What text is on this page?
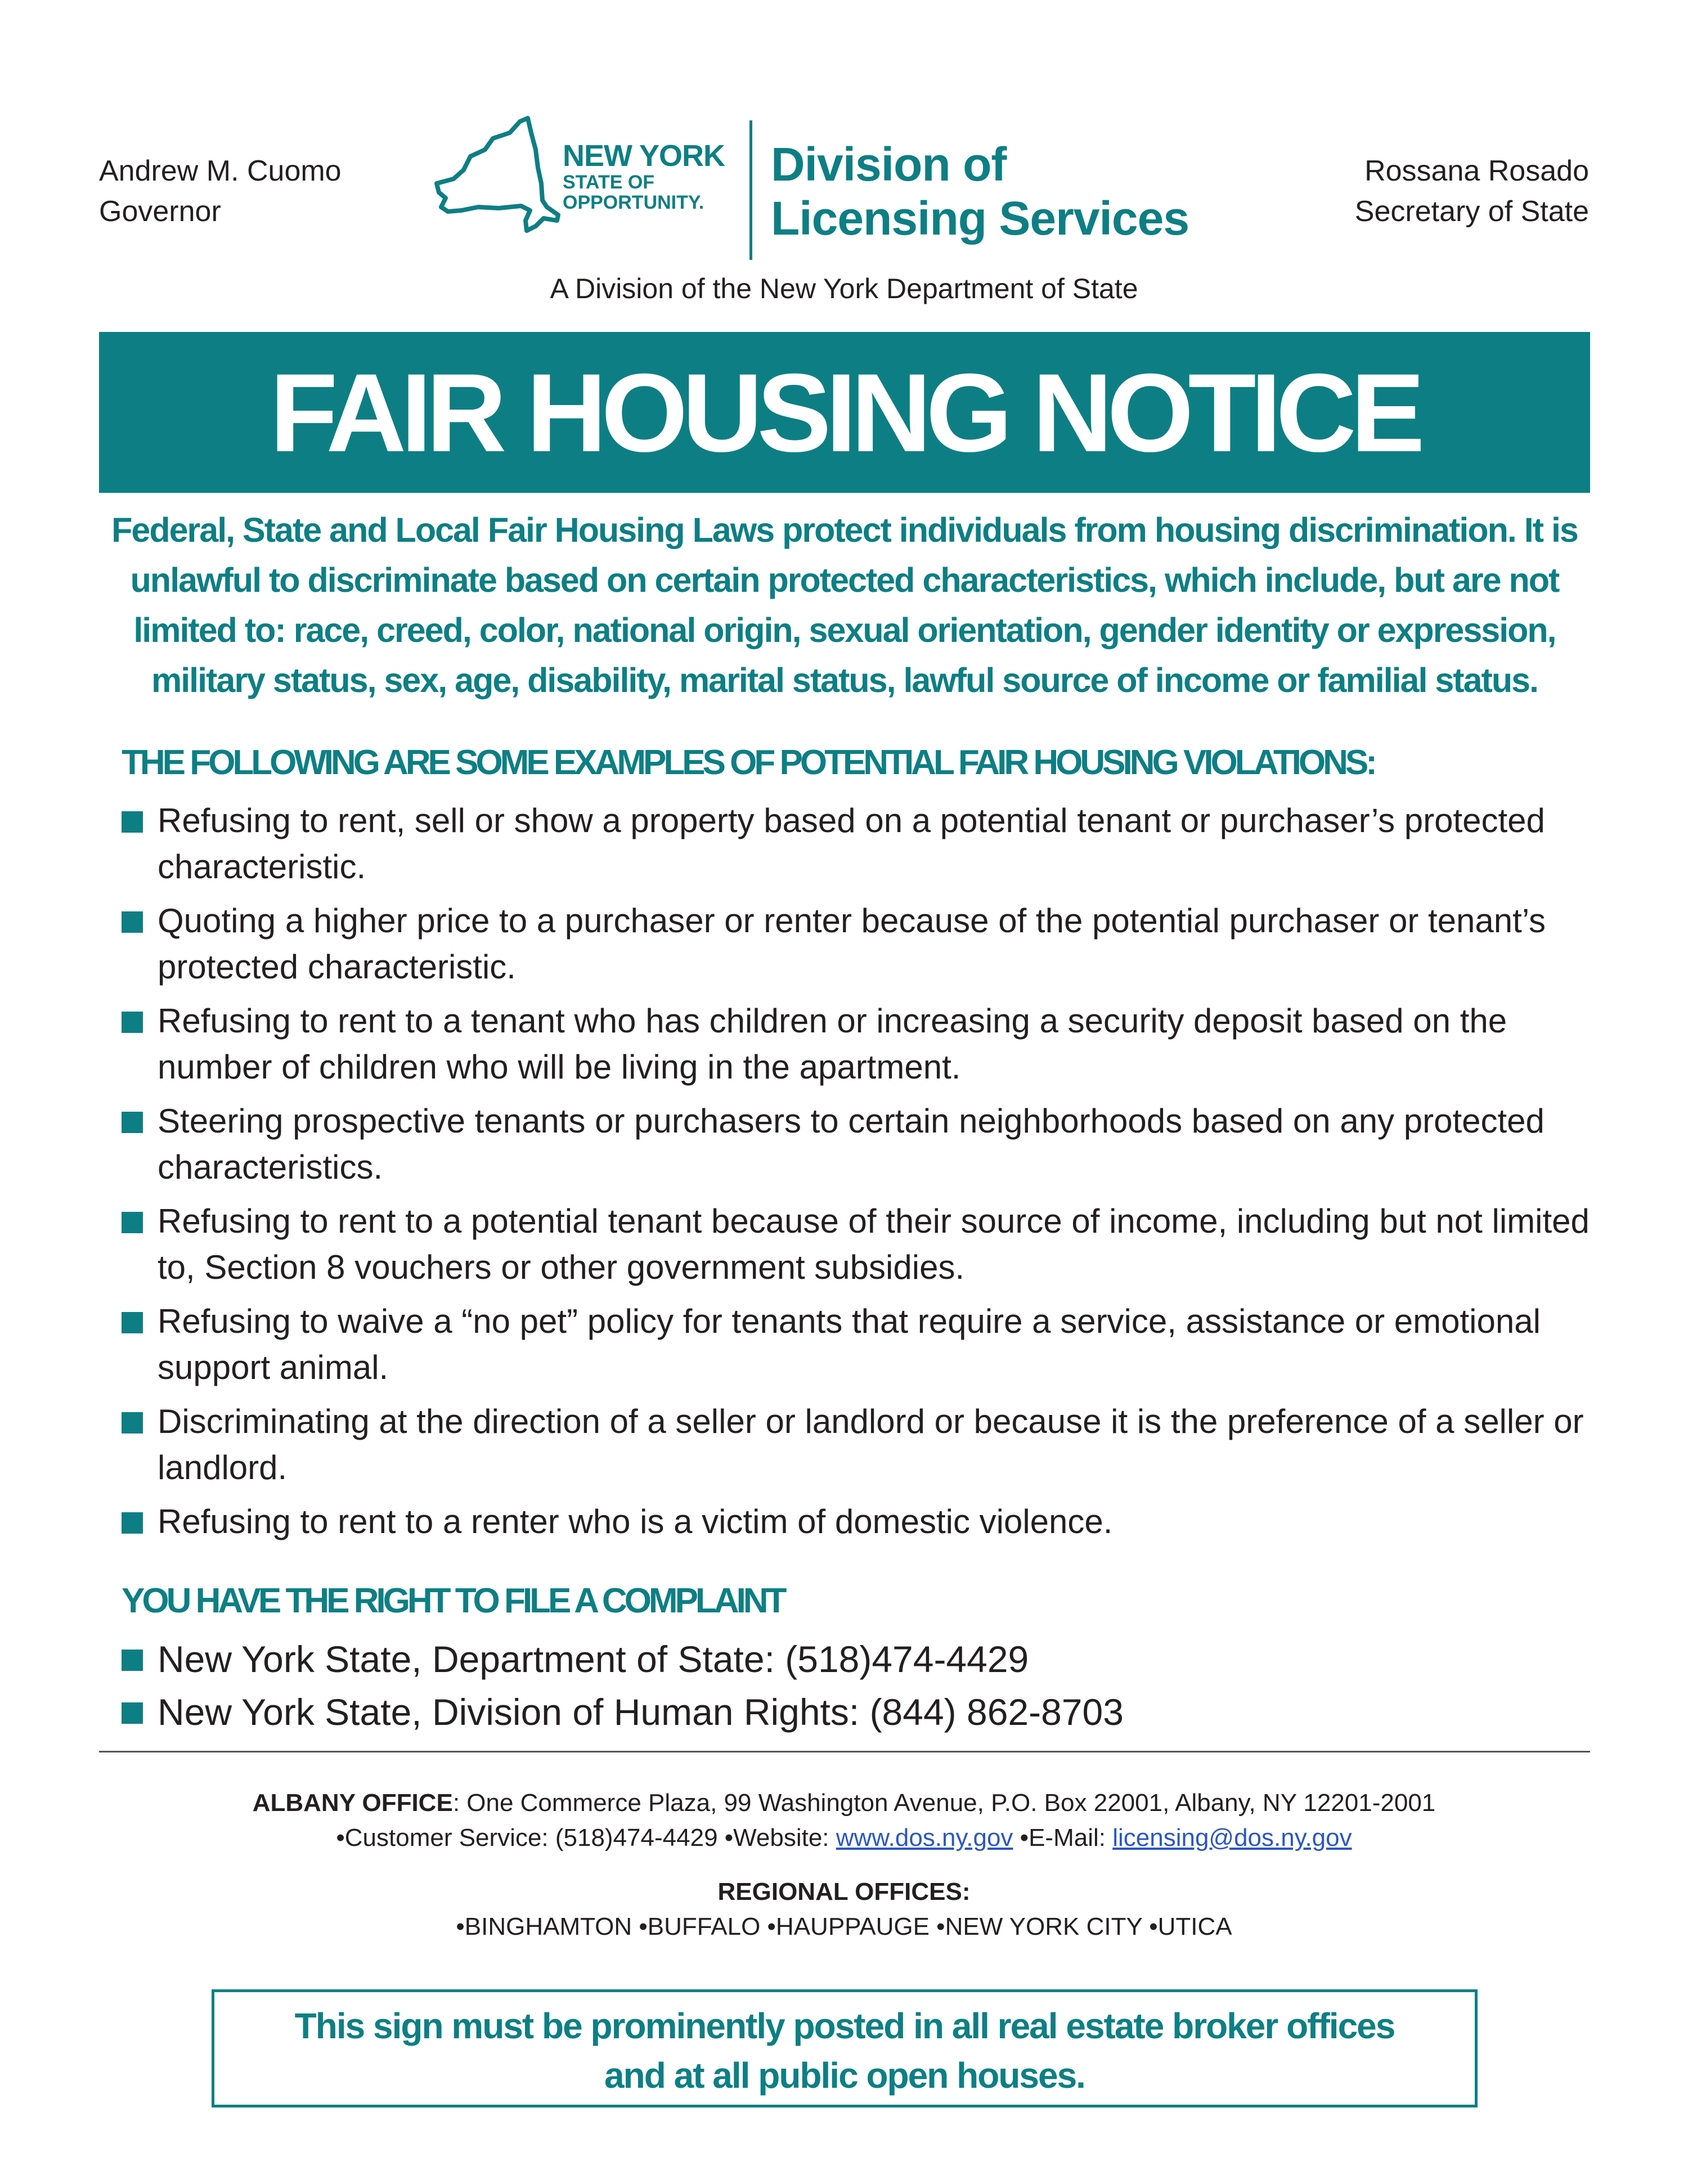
Andrew M. Cuomo
Governor
NEW YORK
STATE OF
OPPORTUNITY.
Division of
Licensing Services
Rossana Rosado
Secretary of State
A Division of the New York Department of State
FAIR HOUSING NOTICE
Federal, State and Local Fair Housing Laws protect individuals from housing discrimination. It is unlawful to discriminate based on certain protected characteristics, which include, but are not limited to: race, creed, color, national origin, sexual orientation, gender identity or expression, military status, sex, age, disability, marital status, lawful source of income or familial status.
THE FOLLOWING ARE SOME EXAMPLES OF POTENTIAL FAIR HOUSING VIOLATIONS:
Refusing to rent, sell or show a property based on a potential tenant or purchaser’s protected characteristic.
Quoting a higher price to a purchaser or renter because of the potential purchaser or tenant’s protected characteristic.
Refusing to rent to a tenant who has children or increasing a security deposit based on the number of children who will be living in the apartment.
Steering prospective tenants or purchasers to certain neighborhoods based on any protected characteristics.
Refusing to rent to a potential tenant because of their source of income, including but not limited to, Section 8 vouchers or other government subsidies.
Refusing to waive a “no pet” policy for tenants that require a service, assistance or emotional support animal.
Discriminating at the direction of a seller or landlord or because it is the preference of a seller or landlord.
Refusing to rent to a renter who is a victim of domestic violence.
YOU HAVE THE RIGHT TO FILE A COMPLAINT
New York State, Department of State: (518)474-4429
New York State, Division of Human Rights: (844) 862-8703
ALBANY OFFICE: One Commerce Plaza, 99 Washington Avenue, P.O. Box 22001, Albany, NY 12201-2001
•Customer Service: (518)474-4429 •Website: www.dos.ny.gov •E-Mail: licensing@dos.ny.gov
REGIONAL OFFICES:
•BINGHAMTON •BUFFALO •HAUPPAUGE •NEW YORK CITY •UTICA
This sign must be prominently posted in all real estate broker offices
and at all public open houses.
